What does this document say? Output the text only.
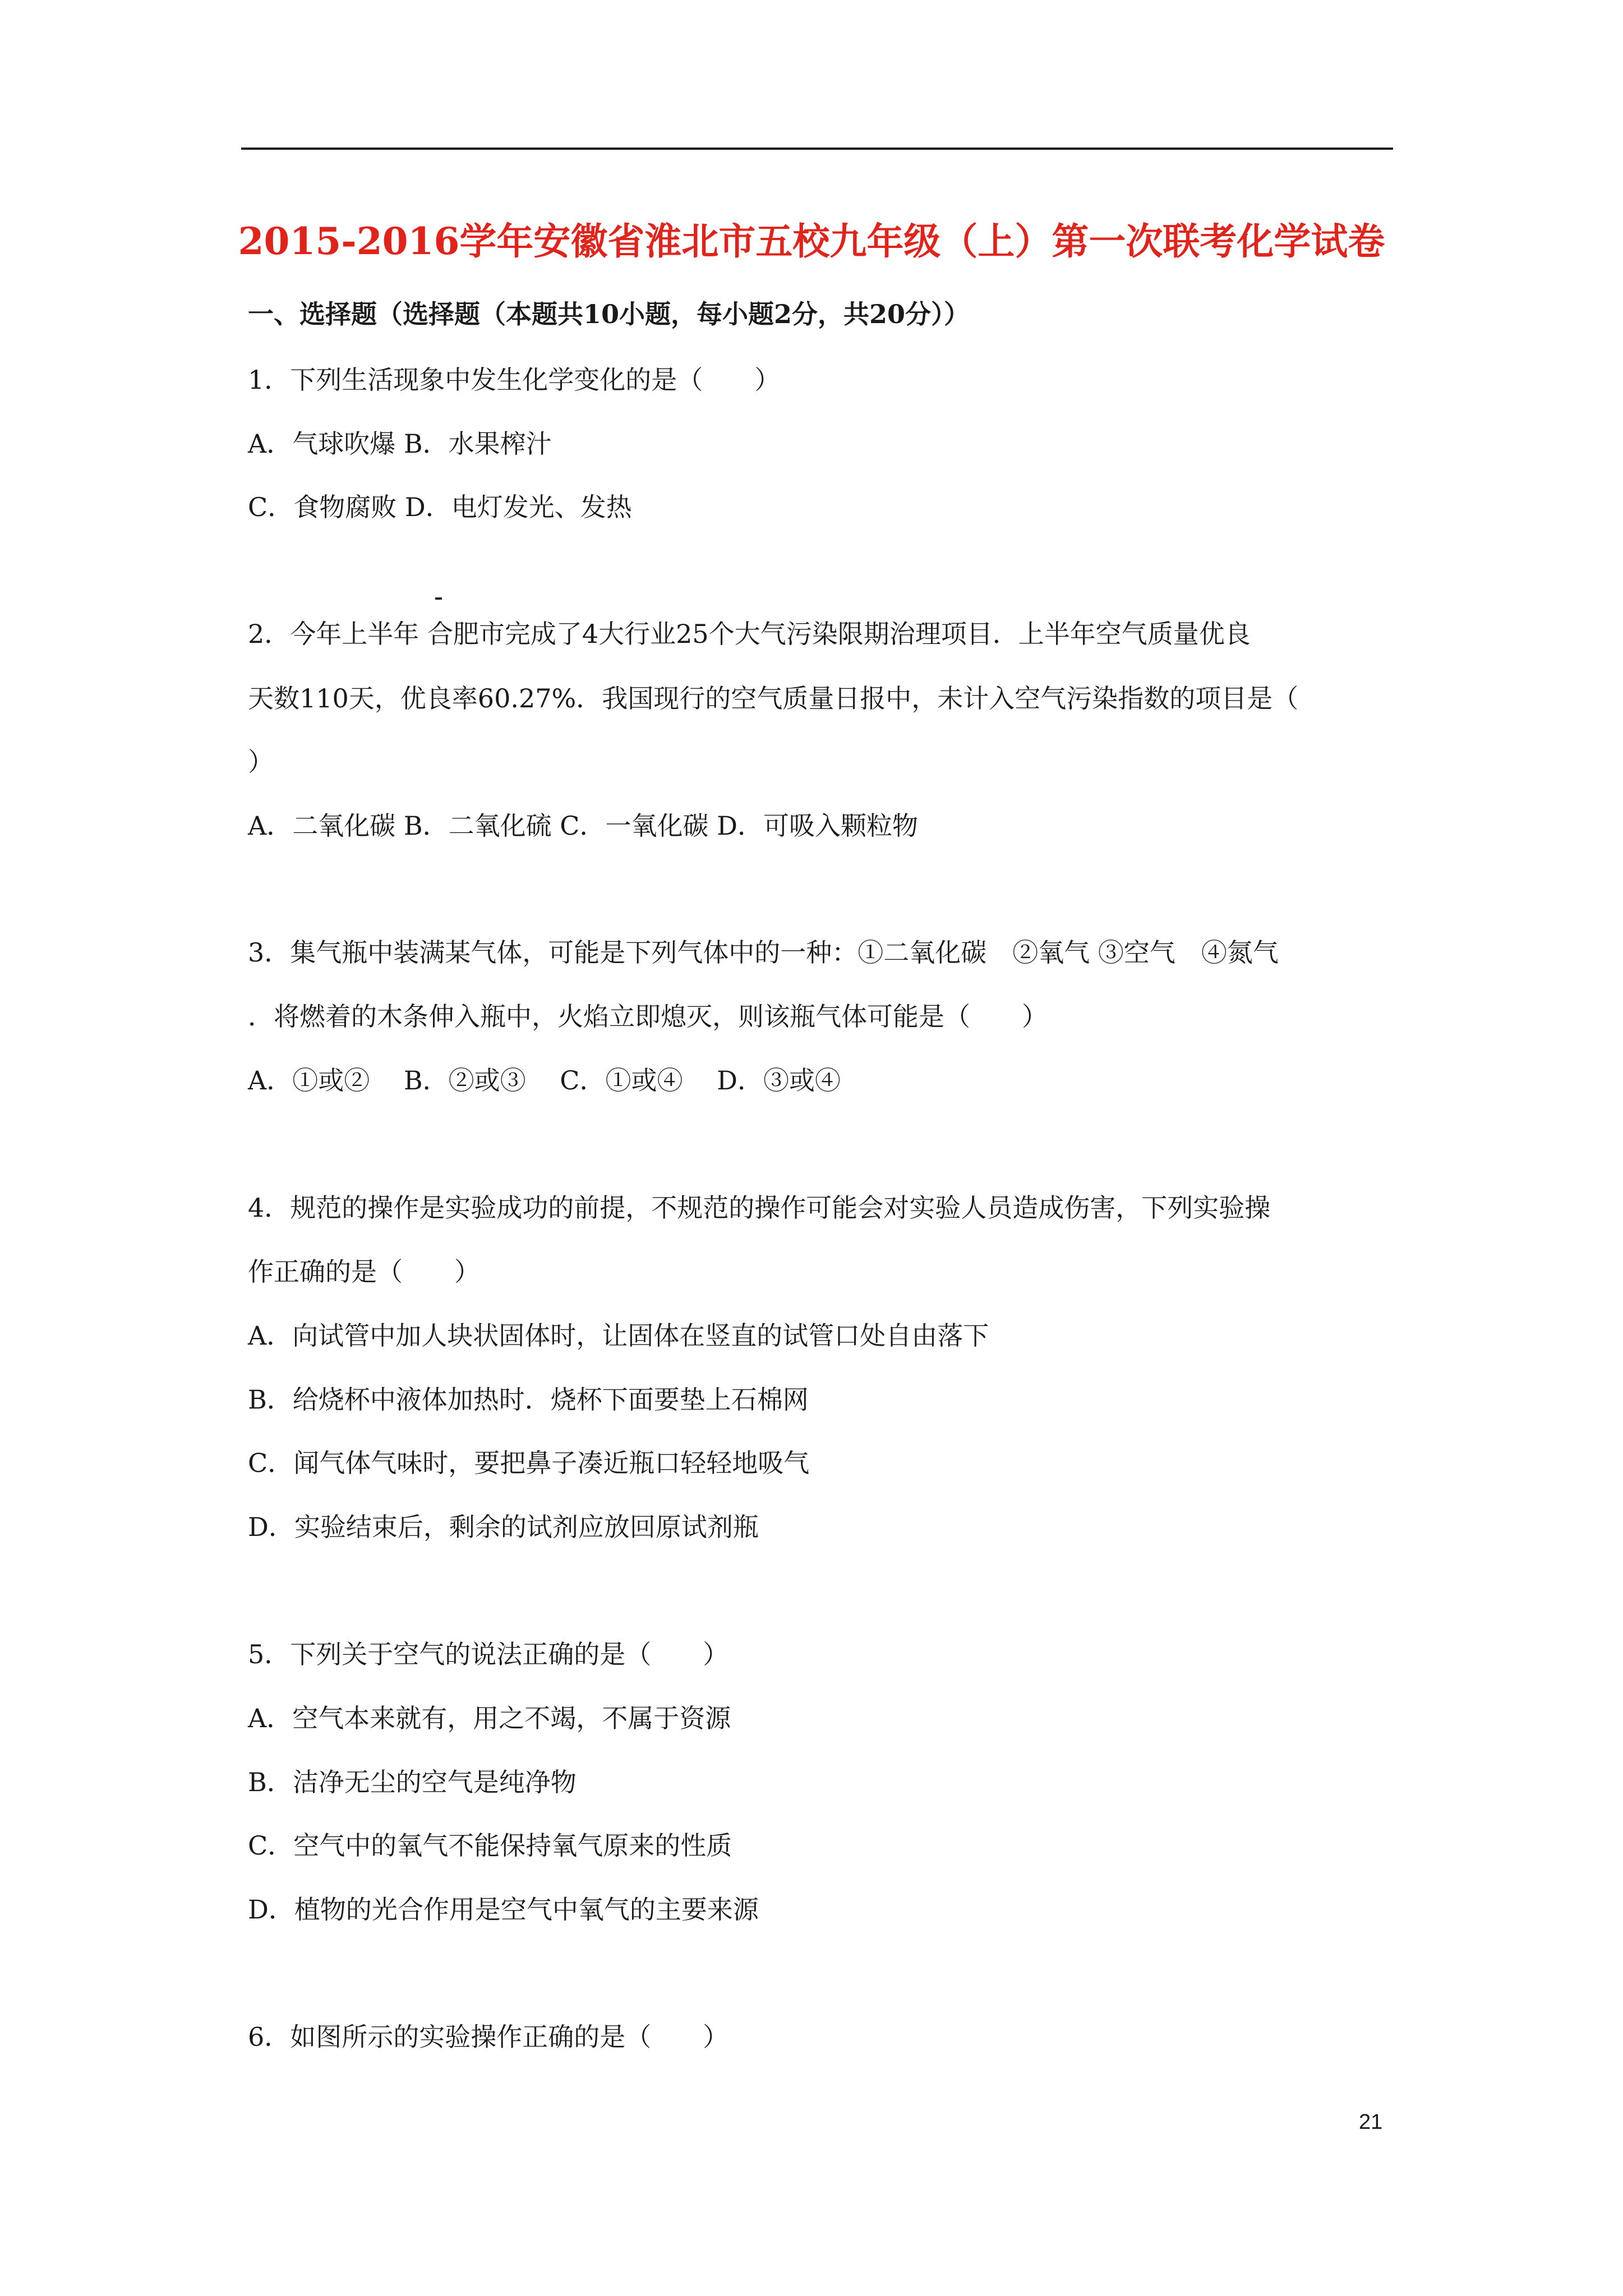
2015-2016学年安徽省淮北市五校九年级（上）第一次联考化学试卷
一、选择题（选择题（本题共10小题，每小题2分，共20分））
1．下列生活现象中发生化学变化的是（　　）
A．气球吹爆 B．水果榨汁
C．食物腐败 D．电灯发光、发热
2．今年上半年 合肥市完成了4大行业25个大气污染限期治理项目．上半年空气质量优良
天数110天，优良率60.27%．我国现行的空气质量日报中，未计入空气污染指数的项目是（
）
A．二氧化碳 B．二氧化硫 C．一氧化碳 D．可吸入颗粒物
3．集气瓶中装满某气体，可能是下列气体中的一种：①二氧化碳　②氧气 ③空气　④氮气
．将燃着的木条伸入瓶中，火焰立即熄灭，则该瓶气体可能是（　　）
A．①或②　 B．②或③　 C．①或④　 D．③或④
4．规范的操作是实验成功的前提，不规范的操作可能会对实验人员造成伤害，下列实验操
作正确的是（　　）
A．向试管中加人块状固体时，让固体在竖直的试管口处自由落下
B．给烧杯中液体加热时．烧杯下面要垫上石棉网
C．闻气体气味时，要把鼻子凑近瓶口轻轻地吸气
D．实验结束后，剩余的试剂应放回原试剂瓶
5．下列关于空气的说法正确的是（　　）
A．空气本来就有，用之不竭，不属于资源
B．洁净无尘的空气是纯净物
C．空气中的氧气不能保持氧气原来的性质
D．植物的光合作用是空气中氧气的主要来源
6．如图所示的实验操作正确的是（　　）
21
